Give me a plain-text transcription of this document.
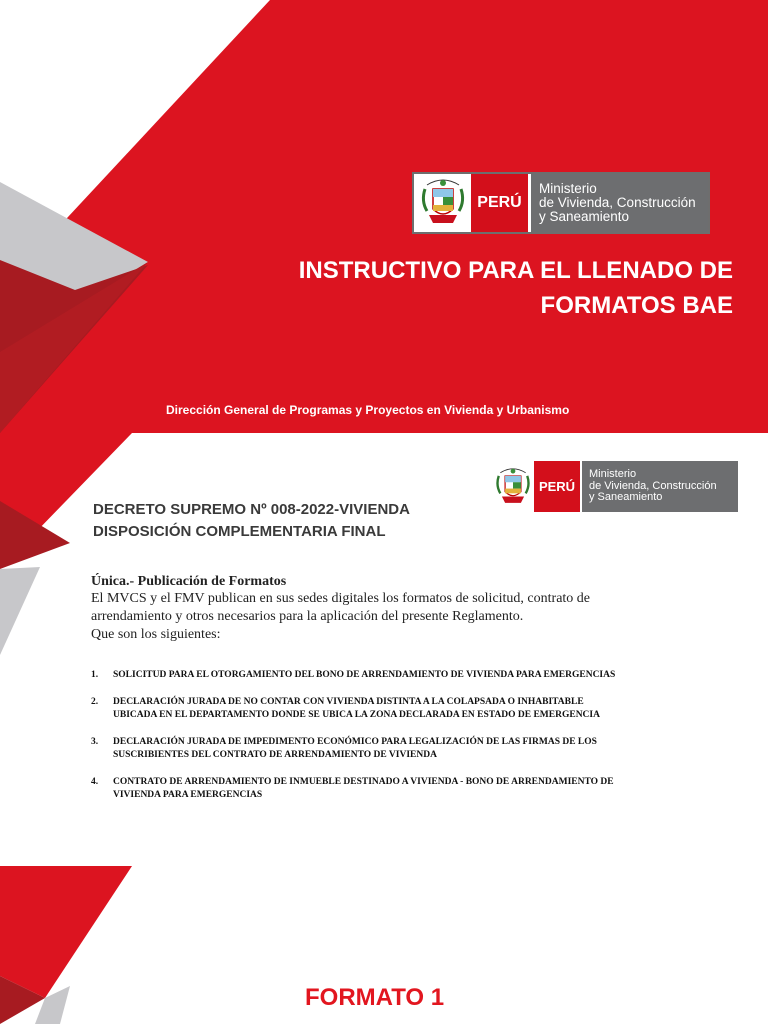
PERÚ
Ministerio
de Vivienda, Construcción
y Saneamiento
INSTRUCTIVO PARA EL LLENADO DE
FORMATOS BAE
Dirección General de Programas y Proyectos en Vivienda y Urbanismo
PERÚ
Ministerio
de Vivienda, Construcción
y Saneamiento
DECRETO SUPREMO Nº 008-2022-VIVIENDA
DISPOSICIÓN COMPLEMENTARIA FINAL
Única.- Publicación de Formatos
El MVCS y el FMV publican en sus sedes digitales los formatos de solicitud, contrato de
arrendamiento y otros necesarios para la aplicación del presente Reglamento.
Que son los siguientes:
1. SOLICITUD PARA EL OTORGAMIENTO DEL BONO DE ARRENDAMIENTO DE VIVIENDA PARA EMERGENCIAS
2. DECLARACIÓN JURADA DE NO CONTAR CON VIVIENDA DISTINTA A LA COLAPSADA O INHABITABLE
UBICADA EN EL DEPARTAMENTO DONDE SE UBICA LA ZONA DECLARADA EN ESTADO DE EMERGENCIA
3. DECLARACIÓN JURADA DE IMPEDIMENTO ECONÓMICO PARA LEGALIZACIÓN DE LAS FIRMAS DE LOS
SUSCRIBIENTES DEL CONTRATO DE ARRENDAMIENTO DE VIVIENDA
4. CONTRATO DE ARRENDAMIENTO DE INMUEBLE DESTINADO A VIVIENDA - BONO DE ARRENDAMIENTO DE
VIVIENDA PARA EMERGENCIAS
FORMATO 1
